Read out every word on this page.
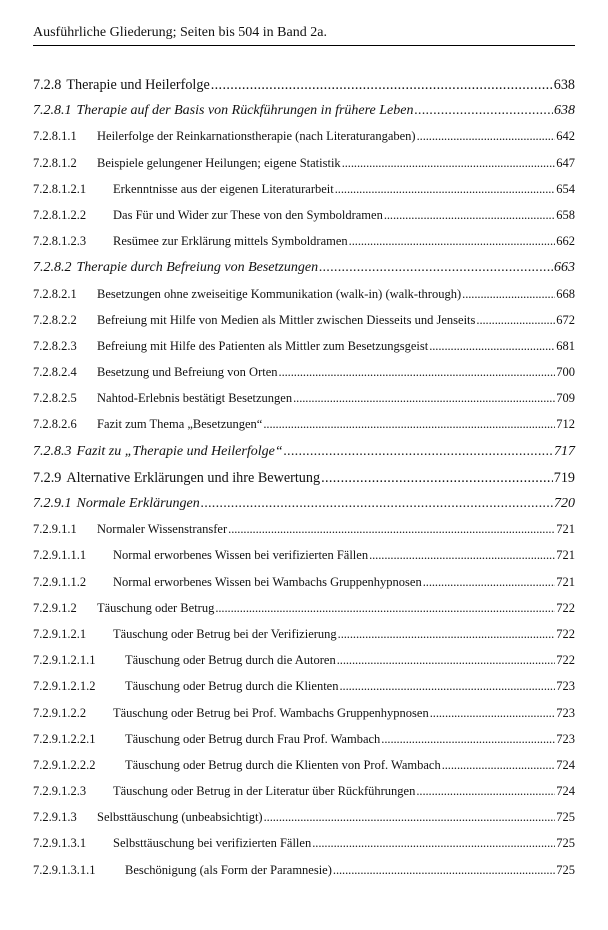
Ausführliche Gliederung; Seiten bis 504 in Band 2a.
7.2.8 Therapie und Heilerfolge . . .	638
7.2.8.1 Therapie auf der Basis von Rückführungen in frühere Leben . . .	638
7.2.8.1.1	Heilerfolge der Reinkarnationstherapie (nach Literaturangaben) . . .	642
7.2.8.1.2	Beispiele gelungener Heilungen; eigene Statistik . . .	647
7.2.8.1.2.1	Erkenntnisse aus der eigenen Literaturarbeit . . .	654
7.2.8.1.2.2	Das Für und Wider zur These von den Symboldramen . . .	658
7.2.8.1.2.3	Resümee zur Erklärung mittels Symboldramen . . .	662
7.2.8.2 Therapie durch Befreiung von Besetzungen . . .	663
7.2.8.2.1	Besetzungen ohne zweiseitige Kommunikation (walk-in) (walk-through) . . .	668
7.2.8.2.2	Befreiung mit Hilfe von Medien als Mittler zwischen Diesseits und Jenseits . . .	672
7.2.8.2.3	Befreiung mit Hilfe des Patienten als Mittler zum Besetzungsgeist . . .	681
7.2.8.2.4	Besetzung und Befreiung von Orten . . .	700
7.2.8.2.5	Nahtod-Erlebnis bestätigt Besetzungen . . .	709
7.2.8.2.6	Fazit zum Thema „Besetzungen“ . . .	712
7.2.8.3 Fazit zu „Therapie und Heilerfolge“ . . .	717
7.2.9 Alternative Erklärungen und ihre Bewertung . . .	719
7.2.9.1 Normale Erklärungen . . .	720
7.2.9.1.1	Normaler Wissenstransfer . . .	721
7.2.9.1.1.1	Normal erworbenes Wissen bei verifizierten Fällen . . .	721
7.2.9.1.1.2	Normal erworbenes Wissen bei Wambachs Gruppenhypnosen . . .	721
7.2.9.1.2	Täuschung oder Betrug . . .	722
7.2.9.1.2.1	Täuschung oder Betrug bei der Verifizierung . . .	722
7.2.9.1.2.1.1	Täuschung oder Betrug durch die Autoren . . .	722
7.2.9.1.2.1.2	Täuschung oder Betrug durch die Klienten . . .	723
7.2.9.1.2.2	Täuschung oder Betrug bei Prof. Wambachs Gruppenhypnosen . . .	723
7.2.9.1.2.2.1	Täuschung oder Betrug durch Frau Prof. Wambach . . .	723
7.2.9.1.2.2.2	Täuschung oder Betrug durch die Klienten von Prof. Wambach . . .	724
7.2.9.1.2.3	Täuschung oder Betrug in der Literatur über Rückführungen . . .	724
7.2.9.1.3	Selbsttäuschung (unbeabsichtigt) . . .	725
7.2.9.1.3.1	Selbsttäuschung bei verifizierten Fällen . . .	725
7.2.9.1.3.1.1	Beschönigung (als Form der Paramnesie) . . .	725
